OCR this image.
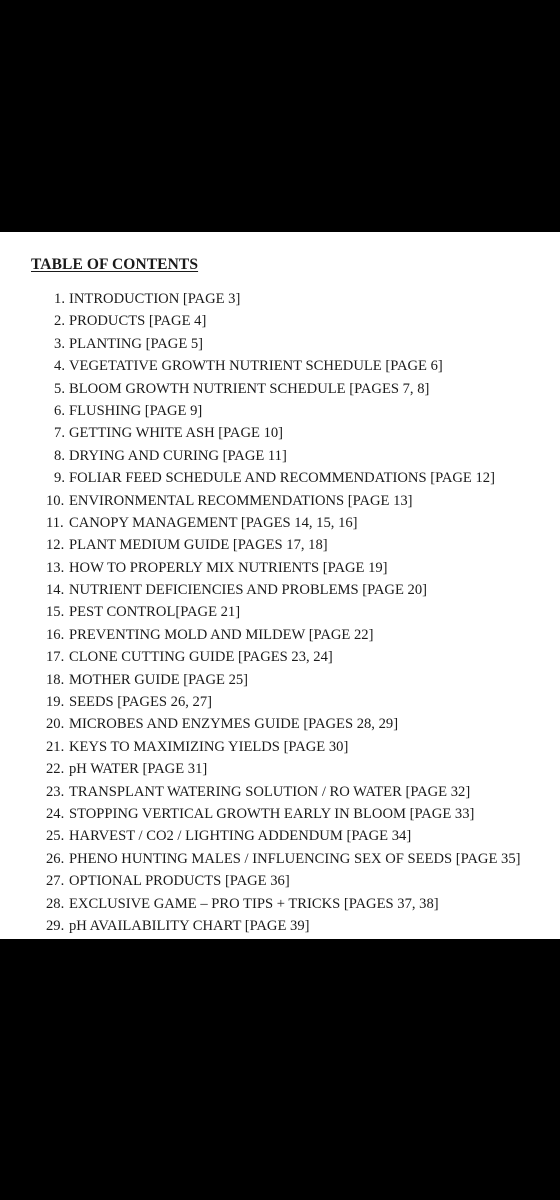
TABLE OF CONTENTS
1. INTRODUCTION [PAGE 3]
2. PRODUCTS [PAGE 4]
3. PLANTING [PAGE 5]
4. VEGETATIVE GROWTH NUTRIENT SCHEDULE [PAGE 6]
5. BLOOM GROWTH NUTRIENT SCHEDULE [PAGES 7, 8]
6. FLUSHING [PAGE 9]
7. GETTING WHITE ASH [PAGE 10]
8. DRYING AND CURING [PAGE 11]
9. FOLIAR FEED SCHEDULE AND RECOMMENDATIONS [PAGE 12]
10. ENVIRONMENTAL RECOMMENDATIONS [PAGE 13]
11. CANOPY MANAGEMENT [PAGES 14, 15, 16]
12. PLANT MEDIUM GUIDE [PAGES 17, 18]
13. HOW TO PROPERLY MIX NUTRIENTS [PAGE 19]
14. NUTRIENT DEFICIENCIES AND PROBLEMS [PAGE 20]
15. PEST CONTROL[PAGE 21]
16. PREVENTING MOLD AND MILDEW [PAGE 22]
17. CLONE CUTTING GUIDE [PAGES 23, 24]
18. MOTHER GUIDE [PAGE 25]
19. SEEDS [PAGES 26, 27]
20. MICROBES AND ENZYMES GUIDE [PAGES 28, 29]
21. KEYS TO MAXIMIZING YIELDS [PAGE 30]
22. pH WATER [PAGE 31]
23. TRANSPLANT WATERING SOLUTION / RO WATER [PAGE 32]
24. STOPPING VERTICAL GROWTH EARLY IN BLOOM [PAGE 33]
25. HARVEST / CO2 / LIGHTING ADDENDUM [PAGE 34]
26. PHENO HUNTING MALES / INFLUENCING SEX OF SEEDS [PAGE 35]
27. OPTIONAL PRODUCTS [PAGE 36]
28. EXCLUSIVE GAME – PRO TIPS + TRICKS [PAGES 37, 38]
29. pH AVAILABILITY CHART [PAGE 39]
